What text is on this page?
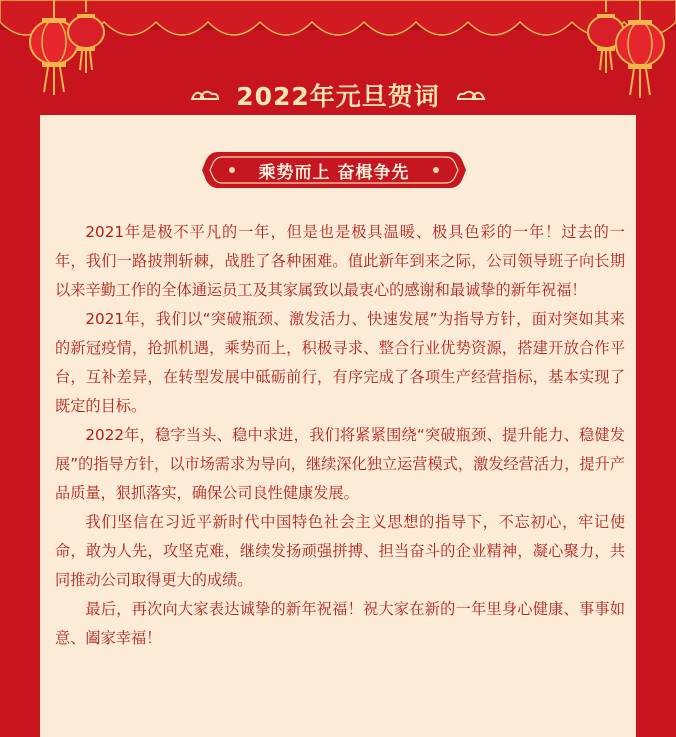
2022年元旦贺词
乘势而上 奋楫争先

2021年是极不平凡的一年，但是也是极具温暖、极具色彩的一年！过去的一年，我们一路披荆斩棘，战胜了各种困难。值此新年到来之际，公司领导班子向长期以来辛勤工作的全体通运员工及其家属致以最衷心的感谢和最诚挚的新年祝福！

2021年，我们以“突破瓶颈、激发活力、快速发展”为指导方针，面对突如其来的新冠疫情，抢抓机遇，乘势而上，积极寻求、整合行业优势资源，搭建开放合作平台，互补差异，在转型发展中砥砺前行，有序完成了各项生产经营指标，基本实现了既定的目标。

2022年，稳字当头、稳中求进，我们将紧紧围绕“突破瓶颈、提升能力、稳健发展”的指导方针，以市场需求为导向，继续深化独立运营模式，激发经营活力，提升产品质量，狠抓落实，确保公司良性健康发展。

我们坚信在习近平新时代中国特色社会主义思想的指导下，不忘初心，牢记使命，敢为人先，攻坚克难，继续发扬顽强拼搏、担当奋斗的企业精神，凝心聚力，共同推动公司取得更大的成绩。

最后，再次向大家表达诚挚的新年祝福！祝大家在新的一年里身心健康、事事如意、阖家幸福！
